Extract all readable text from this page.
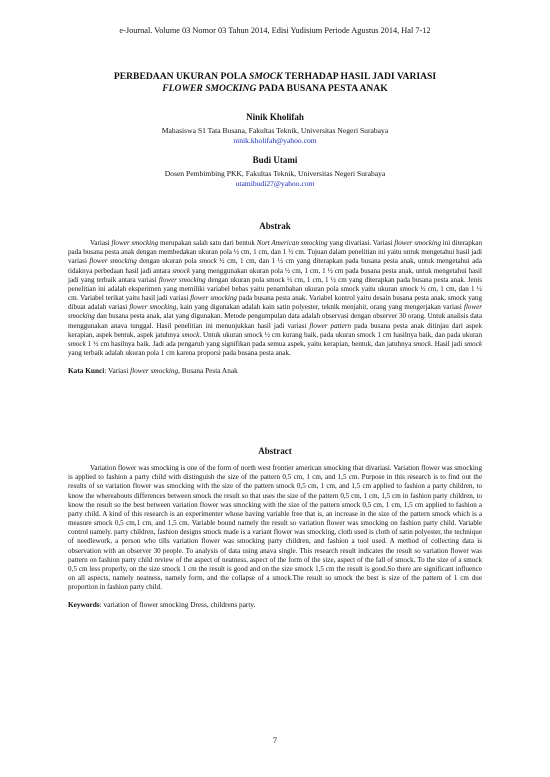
e-Journal. Volume 03 Nomor 03 Tahun 2014, Edisi Yudisium Periode Agustus 2014, Hal 7-12
PERBEDAAN UKURAN POLA SMOCK TERHADAP HASIL JADI VARIASI
FLOWER SMOCKING PADA BUSANA PESTA ANAK
Ninik Kholifah
Mahasiswa S1 Tata Busana, Fakultas Teknik, Universitas Negeri Surabaya
ninik.kholifah@yahoo.com
Budi Utami
Dosen Pembimbing PKK, Fakultas Teknik, Universitas Negeri Surabaya
utamibudi27@yahoo.com
Abstrak
Variasi flower smocking merupakan salah satu dari bentuk Nort American smocking yang divariasi. Variasi flower smocking ini diterapkan pada busana pesta anak dengan membedakan ukuran pola ½ cm, 1 cm, dan 1 ½ cm. Tujuan dalam penelitian ini yaitu untuk mengetahui hasil jadi variasi flower smocking dengan ukuran pola smock ½ cm, 1 cm, dan 1 ½ cm yang diterapkan pada busana pesta anak, untuk mengetahui ada tidaknya perbedaan hasil jadi antara smock yang menggunakan ukuran pola ½ cm, 1 cm, 1 ½ cm pada busana pesta anak, untuk mengetahui hasil jadi yang terbaik antara variasi flower smocking dengan ukuran pola smock ½ cm, 1 cm, 1 ½ cm yang diterapkan pada busana pesta anak. Jenis penelitian ini adalah eksperimen yang memiliki variabel bebas yaitu penambahan ukuran pola smock yaitu ukuran smock ½ cm, 1 cm, dan 1 ½ cm. Variabel terikat yaitu hasil jadi variasi flower smocking pada busana pesta anak. Variabel kontrol yaitu desain busana pesta anak, smock yang dibuat adalah variasi flower smocking, kain yang digunakan adalah kain satin polyester, teknik menjahit, orang yang mengerjakan variasi flower smocking dan busana pesta anak, alat yang digunakan. Metode pengumpulan data adalah observasi dengan observer 30 orang. Untuk analisis data menggunakan anava tunggal. Hasil penelitian ini menunjukkan hasil jadi variasi flower pattern pada busana pesta anak ditinjau dari aspek kerapian, aspek bentuk, aspek jatuhnya smock. Untuk ukuran smock ½ cm kurang baik, pada ukuran smock 1 cm hasilnya baik, dan pada ukuran smock 1 ½ cm hasilnya baik. Jadi ada pengaruh yang signifikan pada semua aspek, yaitu kerapian, bentuk, dan jatuhnya smock. Hasil jadi smock yang terbaik adalah ukuran pola 1 cm karena proporsi pada busana pesta anak.
Kata Kunci: Variasi flower smocking, Busana Pesta Anak
Abstract
Variation flower was smocking is one of the form of north west frontier american smocking that divariasi. Variation flower was smocking is applied to fashion a party child with distinguish the size of the pattern 0,5 cm, 1 cm, and 1,5 cm. Purpose in this research is to find out the results of so variation flower was smocking with the size of the pattern smock 0,5 cm, 1 cm, and 1,5 cm applied to fashion a party children, to know the whereabouts differences between smock the result so that uses the size of the pattern 0,5 cm, 1 cm, 1,5 cm in fashion party children, to know the result so the best between variation flower was smocking with the size of the pattern smock 0,5 cm, 1 cm, 1,5 cm applied to fashion a party child. A kind of this research is an experimenter whose having variable free that is, an increase in the size of the pattern smock which is a measure smock 0,5 cm,1 cm, and 1,5 cm. Variable bound namely the result so variation flower was smocking on fashion party child. Variable control namely. party children, fashion designs smock made is a variant flower was smocking, cloth used is cloth of satin polyester, the technique of needlework, a person who tills variation flower was smocking party children, and fashion a tool used. A method of collecting data is observation with an observer 30 people. To analysis of data using anava single. This research result indicates the result so variation flower was pattern on fashion party child review of the aspect of neatness, aspect of the form of the size, aspect of the fall of smock. To the size of a smock 0,5 cm less properly, on the size smock 1 cm the result is good and on the size smock 1,5 cm the result is good.So there are significant influence on all aspects, namely neatness, namely form, and the collapse of a smock.The result so smock the best is size of the pattern of 1 cm due proportion in fashion party child.
Keywords: variation of flower smocking Dress, childrens party.
7
